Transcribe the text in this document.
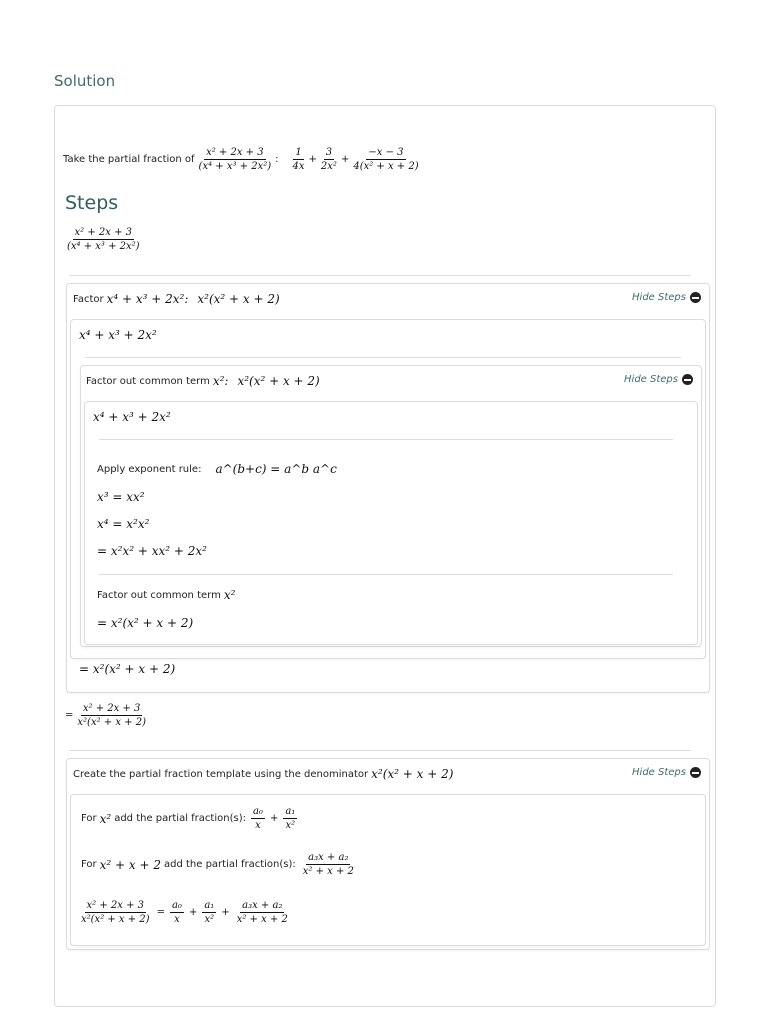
Solution
Take the partial fraction of $\frac{\text{x² + 2x + 3}}{\text{(x⁴ + x³ + 2x²)}}$ : $\frac{1}{4x} + \frac{3}{\text{2x²}} + \frac{-x - 3}{\text{4(x² + x + 2)}}$
Steps
$\frac{\text{x² + 2x + 3}}{\text{(x⁴ + x³ + 2x²)}}$
Factor x⁴ + x³ + 2x²: x²(x² + x + 2)	Hide Steps
x⁴ + x³ + 2x²
Factor out common term x²: x²(x² + x + 2)	Hide Steps
x⁴ + x³ + 2x²
Apply exponent rule: a^(b+c) = a^b a^c
x³ = xx²
x⁴ = x²x²
= x²x² + xx² + 2x²
Factor out common term x²
= x²(x² + x + 2)
= x²(x² + x + 2)
= $\frac{\text{x² + 2x + 3}}{\text{x²(x² + x + 2)}}$
Create the partial fraction template using the denominator x²(x² + x + 2)	Hide Steps
For x² add the partial fraction(s): $\frac{\text{a₀}}{x} + \frac{\text{a₁}}{\text{x²}}$
For x² + x + 2 add the partial fraction(s): $\frac{\text{a₃x + a₂}}{\text{x² + x + 2}}$
$\frac{\text{x² + 2x + 3}}{\text{x²(x² + x + 2)}} = \frac{\text{a₀}}{x} + \frac{\text{a₁}}{\text{x²}} + \frac{\text{a₃x + a₂}}{\text{x² + x + 2}}$
